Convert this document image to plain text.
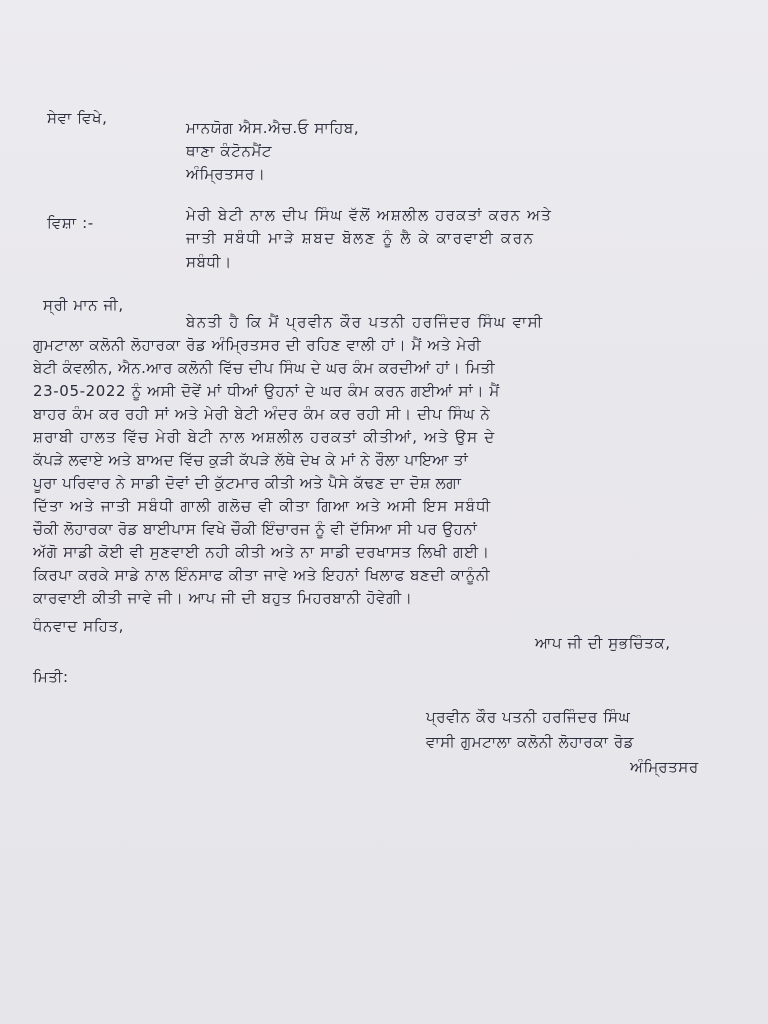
ਸੇਵਾ ਵਿਖੇ,
ਮਾਨਯੋਗ ਐਸ.ਐਚ.ਓ ਸਾਹਿਬ,
ਥਾਣਾ ਕੰਟੋਨਮੈਂਟ
ਅੰਮ੍ਰਿਤਸਰ।
ਵਿਸ਼ਾ :-	ਮੇਰੀ ਬੇਟੀ ਨਾਲ ਦੀਪ ਸਿੰਘ ਵੱਲੋਂ ਅਸ਼ਲੀਲ ਹਰਕਤਾਂ ਕਰਨ ਅਤੇ
ਜਾਤੀ ਸਬੰਧੀ ਮਾੜੇ ਸ਼ਬਦ ਬੋਲਣ ਨੂੰ ਲੈ ਕੇ ਕਾਰਵਾਈ ਕਰਨ
ਸਬੰਧੀ।
ਸ੍ਰੀ ਮਾਨ ਜੀ,
ਬੇਨਤੀ ਹੈ ਕਿ ਮੈਂ ਪ੍ਰਵੀਨ ਕੌਰ ਪਤਨੀ ਹਰਜਿੰਦਰ ਸਿੰਘ ਵਾਸੀ
ਗੁਮਟਾਲਾ ਕਲੋਨੀ ਲੋਹਾਰਕਾ ਰੋਡ ਅੰਮ੍ਰਿਤਸਰ ਦੀ ਰਹਿਣ ਵਾਲੀ ਹਾਂ। ਮੈਂ ਅਤੇ ਮੇਰੀ
ਬੇਟੀ ਕੰਵਲੀਨ, ਐਨ.ਆਰ ਕਲੋਨੀ ਵਿੱਚ ਦੀਪ ਸਿੰਘ ਦੇ ਘਰ ਕੰਮ ਕਰਦੀਆਂ ਹਾਂ। ਮਿਤੀ
23-05-2022 ਨੂੰ ਅਸੀ ਦੋਵੇਂ ਮਾਂ ਧੀਆਂ ਉਹਨਾਂ ਦੇ ਘਰ ਕੰਮ ਕਰਨ ਗਈਆਂ ਸਾਂ। ਮੈਂ
ਬਾਹਰ ਕੰਮ ਕਰ ਰਹੀ ਸਾਂ ਅਤੇ ਮੇਰੀ ਬੇਟੀ ਅੰਦਰ ਕੰਮ ਕਰ ਰਹੀ ਸੀ। ਦੀਪ ਸਿੰਘ ਨੇ
ਸ਼ਰਾਬੀ ਹਾਲਤ ਵਿੱਚ ਮੇਰੀ ਬੇਟੀ ਨਾਲ ਅਸ਼ਲੀਲ ਹਰਕਤਾਂ ਕੀਤੀਆਂ, ਅਤੇ ਉਸ ਦੇ
ਕੱਪੜੇ ਲਵਾਏ ਅਤੇ ਬਾਅਦ ਵਿੱਚ ਕੁੜੀ ਕੱਪੜੇ ਲੱਥੇ ਦੇਖ ਕੇ ਮਾਂ ਨੇ ਰੌਲਾ ਪਾਇਆ ਤਾਂ
ਪੂਰਾ ਪਰਿਵਾਰ ਨੇ ਸਾਡੀ ਦੋਵਾਂ ਦੀ ਕੁੱਟਮਾਰ ਕੀਤੀ ਅਤੇ ਪੈਸੇ ਕੱਢਣ ਦਾ ਦੋਸ਼ ਲਗਾ
ਦਿੱਤਾ ਅਤੇ ਜਾਤੀ ਸਬੰਧੀ ਗਾਲੀ ਗਲੋਚ ਵੀ ਕੀਤਾ ਗਿਆ ਅਤੇ ਅਸੀ ਇਸ ਸਬੰਧੀ
ਚੌਕੀ ਲੋਹਾਰਕਾ ਰੋਡ ਬਾਈਪਾਸ ਵਿਖੇ ਚੌਕੀ ਇੰਚਾਰਜ ਨੂੰ ਵੀ ਦੱਸਿਆ ਸੀ ਪਰ ਉਹਨਾਂ
ਅੱਗੋ ਸਾਡੀ ਕੋਈ ਵੀ ਸੁਣਵਾਈ ਨਹੀ ਕੀਤੀ ਅਤੇ ਨਾ ਸਾਡੀ ਦਰਖਾਸਤ ਲਿਖੀ ਗਈ।
ਕਿਰਪਾ ਕਰਕੇ ਸਾਡੇ ਨਾਲ ਇੰਨਸਾਫ ਕੀਤਾ ਜਾਵੇ ਅਤੇ ਇਹਨਾਂ ਖਿਲਾਫ ਬਣਦੀ ਕਾਨੂੰਨੀ
ਕਾਰਵਾਈ ਕੀਤੀ ਜਾਵੇ ਜੀ। ਆਪ ਜੀ ਦੀ ਬਹੁਤ ਮਿਹਰਬਾਨੀ ਹੋਵੇਗੀ।
ਧੰਨਵਾਦ ਸਹਿਤ,
ਆਪ ਜੀ ਦੀ ਸੁਭਚਿੰਤਕ,
ਮਿਤੀ:
ਪ੍ਰਵੀਨ ਕੌਰ ਪਤਨੀ ਹਰਜਿੰਦਰ ਸਿੰਘ
ਵਾਸੀ ਗੁਮਟਾਲਾ ਕਲੋਨੀ ਲੋਹਾਰਕਾ ਰੋਡ
ਅੰਮ੍ਰਿਤਸਰ
